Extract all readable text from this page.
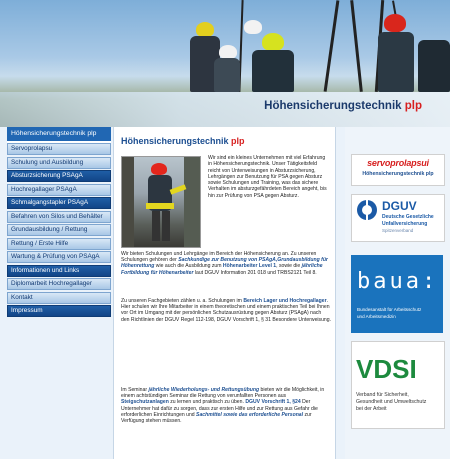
Höhensicherungstechnik plp
Höhensicherungstechnik plp
Servoprolapsu
Schulung und Ausbildung
Absturzsicherung PSAgA
Hochregallager PSAgA
Schmalgangstapler PSAgA
Befahren von Silos und Behälter
Grundausbildung / Rettung
Rettung / Erste Hilfe
Wartung & Prüfung von PSAgA
Informationen und Links
Diplomarbeit Hochregallager
Kontakt
Impressum
Höhensicherungstechnik plp
Wir sind ein kleines Unternehmen mit viel Erfahrung in Höhensicherungstechnik. Unser Tätigkeitsfeld reicht von Unterweisungen in Absturzsicherung, Lehrgängen zur Benutzung für PSA gegen Absturz sowie Schulungen und Training, was das sichere Verhalten im absturzgefährdeten Bereich angeht, bis hin zur Prüfung von PSA gegen Absturz.
Wir bieten Schulungen und Lehrgänge im Bereich der Höhensicherung an. Zu unseren Schulungen gehören der Sachkundige zur Benutzung von PSAgA,Grundausbildung für Höhenrettung wie auch die Ausbildung zum Höhenarbeiter Level 1, sowie die jährliche Fortbildung für Höhenarbeiter laut DGUV Information 201 018 und TRBS2121 Teil 8.
Zu unseren Fachgebieten zählen u. a. Schulungen im Bereich Lager und Hochregallager. Hier schulen wir Ihre Mitarbeiter in einem theoretischen und einem praktischen Teil bei Ihnen vor Ort im Umgang mit der persönlichen Schutzausrüstung gegen Absturz (PSAgA) nach den Richtlinien der DGUV Regel 112-198, DGUV Vorschrift 1, § 31 Besondere Unterweisung.
Im Seminar jährliche Wiederholungs- und Rettungsübung bieten wir die Möglichkeit, in einem achtstündigen Seminar die Rettung von verunfallten Personen aus Steigschutzanlagen zu lernen und praktisch zu üben. DGUV Vorschrift 1, §24 Der Unternehmer hat dafür zu sorgen, dass zur ersten Hilfe und zur Rettung aus Gefahr die erforderlichen Einrichtungen und Sachmittel sowie das erforderliche Personal zur Verfügung stehen müssen.
servoprolapsui
Höhensicherungstechnik plp
DGUV
Deutsche Gesetzliche
Unfallversicherung
Spitzenverband
baua:
Bundesanstalt für Arbeitsschutz
und Arbeitsmedizin
VDSI
Verband für Sicherheit,
Gesundheit und Umweltschutz
bei der Arbeit
